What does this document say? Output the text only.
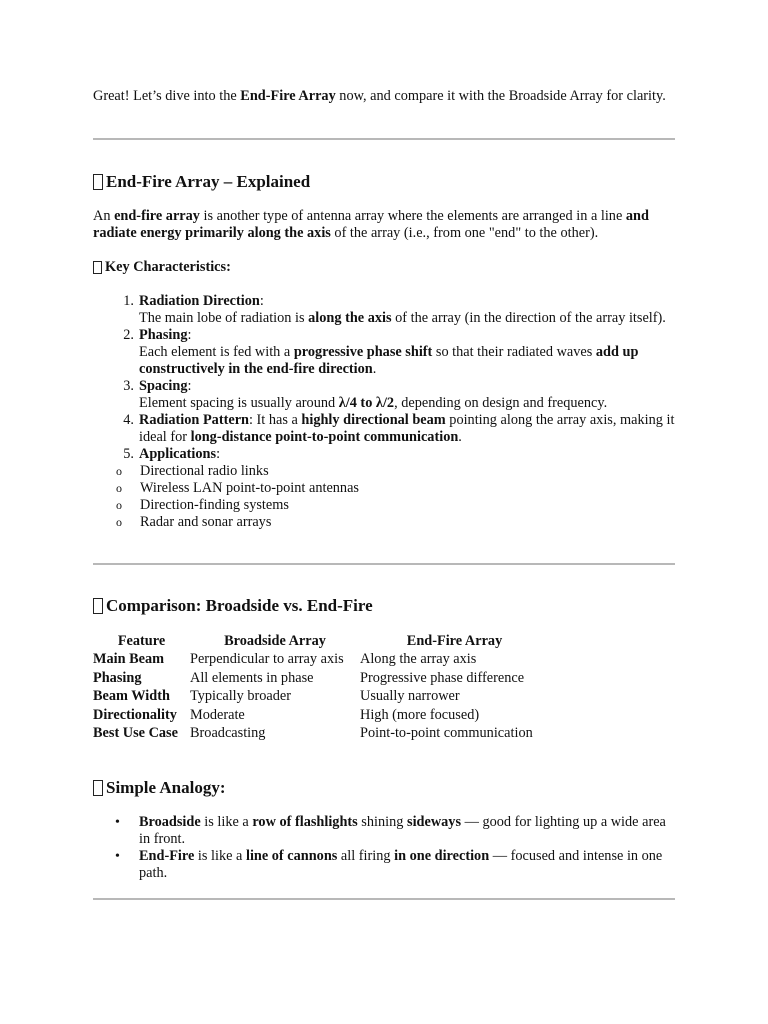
Great! Let’s dive into the End-Fire Array now, and compare it with the Broadside Array for clarity.

End-Fire Array – Explained

An end-fire array is another type of antenna array where the elements are arranged in a line and radiate energy primarily along the axis of the array (i.e., from one "end" to the other).

Key Characteristics:
1. Radiation Direction:
The main lobe of radiation is along the axis of the array (in the direction of the array itself).
2. Phasing:
Each element is fed with a progressive phase shift so that their radiated waves add up constructively in the end-fire direction.
3. Spacing:
Element spacing is usually around λ/4 to λ/2, depending on design and frequency.
4. Radiation Pattern: It has a highly directional beam pointing along the array axis, making it ideal for long-distance point-to-point communication.
5. Applications:
o Directional radio links
o Wireless LAN point-to-point antennas
o Direction-finding systems
o Radar and sonar arrays
Comparison: Broadside vs. End-Fire
Feature	Broadside Array	End-Fire Array
Main Beam	Perpendicular to array axis	Along the array axis
Phasing	All elements in phase	Progressive phase difference
Beam Width	Typically broader	Usually narrower
Directionality	Moderate	High (more focused)
Best Use Case	Broadcasting	Point-to-point communication
Simple Analogy:
• Broadside is like a row of flashlights shining sideways — good for lighting up a wide area in front.
• End-Fire is like a line of cannons all firing in one direction — focused and intense in one path.
